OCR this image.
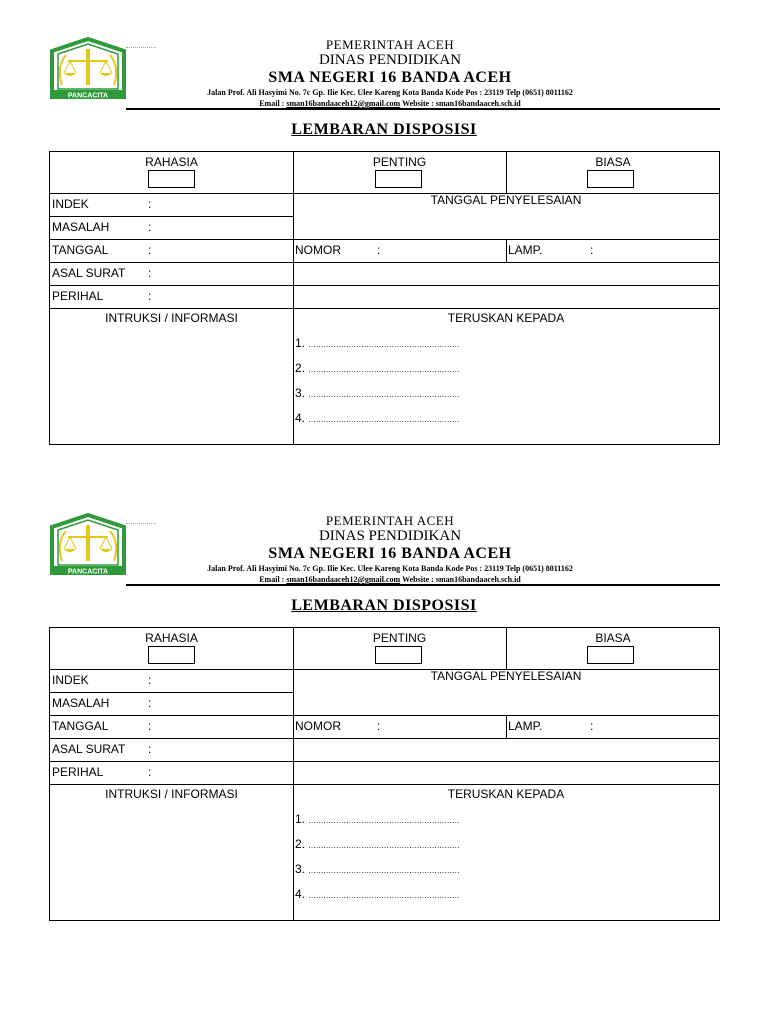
PANCACITA
PEMERINTAH ACEH
DINAS PENDIDIKAN
SMA NEGERI 16 BANDA ACEH
Jalan Prof. Ali Hasyimi No. 7c Gp. Ilie Kec. Ulee Kareng Kota Banda Kode Pos : 23119 Telp (0651) 8011162
Email : sman16bandaaceh12@gmail.com Website : sman16bandaaceh.sch.id
LEMBARAN DISPOSISI
RAHASIA	PENTING	BIASA
INDEK	:
MASALAH	:
TANGGAL PENYELESAIAN
TANGGAL	:	NOMOR	:	LAMP.	:
ASAL SURAT :
PERIHAL	:
INTRUKSI / INFORMASI	TERUSKAN KEPADA
1. ............................................................
2. ............................................................
3. ............................................................
4. ............................................................
PANCACITA
PEMERINTAH ACEH
DINAS PENDIDIKAN
SMA NEGERI 16 BANDA ACEH
Jalan Prof. Ali Hasyimi No. 7c Gp. Ilie Kec. Ulee Kareng Kota Banda Kode Pos : 23119 Telp (0651) 8011162
Email : sman16bandaaceh12@gmail.com Website : sman16bandaaceh.sch.id
LEMBARAN DISPOSISI
RAHASIA	PENTING	BIASA
INDEK	:
MASALAH	:
TANGGAL PENYELESAIAN
TANGGAL	:	NOMOR	:	LAMP.	:
ASAL SURAT :
PERIHAL	:
INTRUKSI / INFORMASI	TERUSKAN KEPADA
1. ............................................................
2. ............................................................
3. ............................................................
4. ............................................................
